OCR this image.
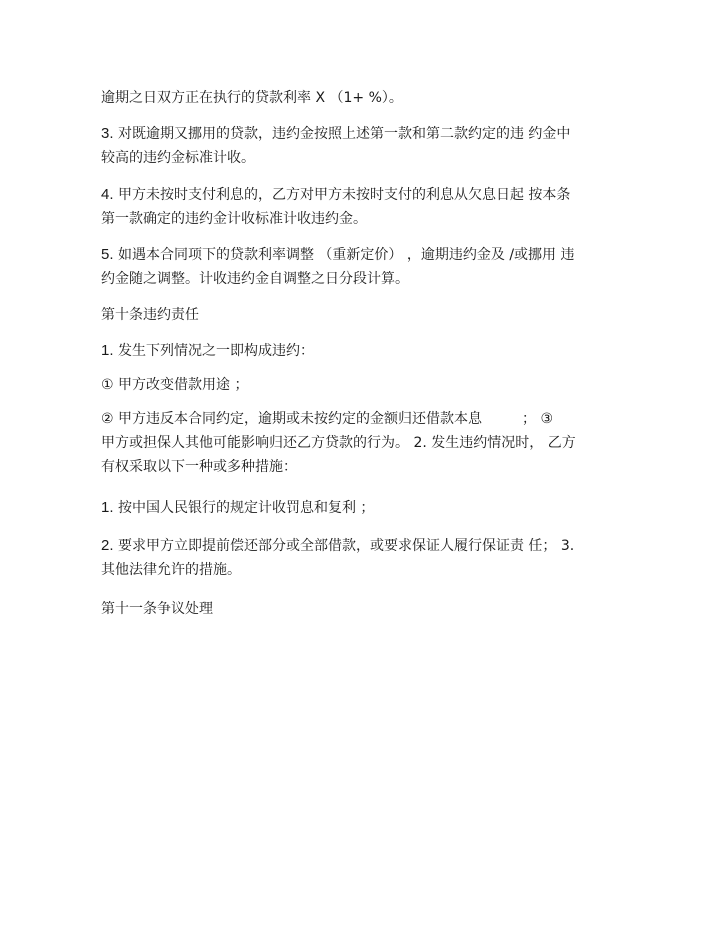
逾期之日双方正在执行的贷款利率 X （1+ %）。

3. 对既逾期又挪用的贷款，违约金按照上述第一款和第二款约定的违 约金中
较高的违约金标准计收。

4. 甲方未按时支付利息的，乙方对甲方未按时支付的利息从欠息日起 按本条
第一款确定的违约金计收标准计收违约金。

5. 如遇本合同项下的贷款利率调整 （重新定价） ，逾期违约金及 /或挪用 违
约金随之调整。计收违约金自调整之日分段计算。

第十条违约责任

1. 发生下列情况之一即构成违约：

① 甲方改变借款用途 ；

② 甲方违反本合同约定，逾期或未按约定的金额归还借款本息	； ③
甲方或担保人其他可能影响归还乙方贷款的行为。 2. 发生违约情况时， 乙方
有权采取以下一种或多种措施：

1. 按中国人民银行的规定计收罚息和复利 ；

2. 要求甲方立即提前偿还部分或全部借款，或要求保证人履行保证责 任； 3.
其他法律允许的措施。

第十一条争议处理
